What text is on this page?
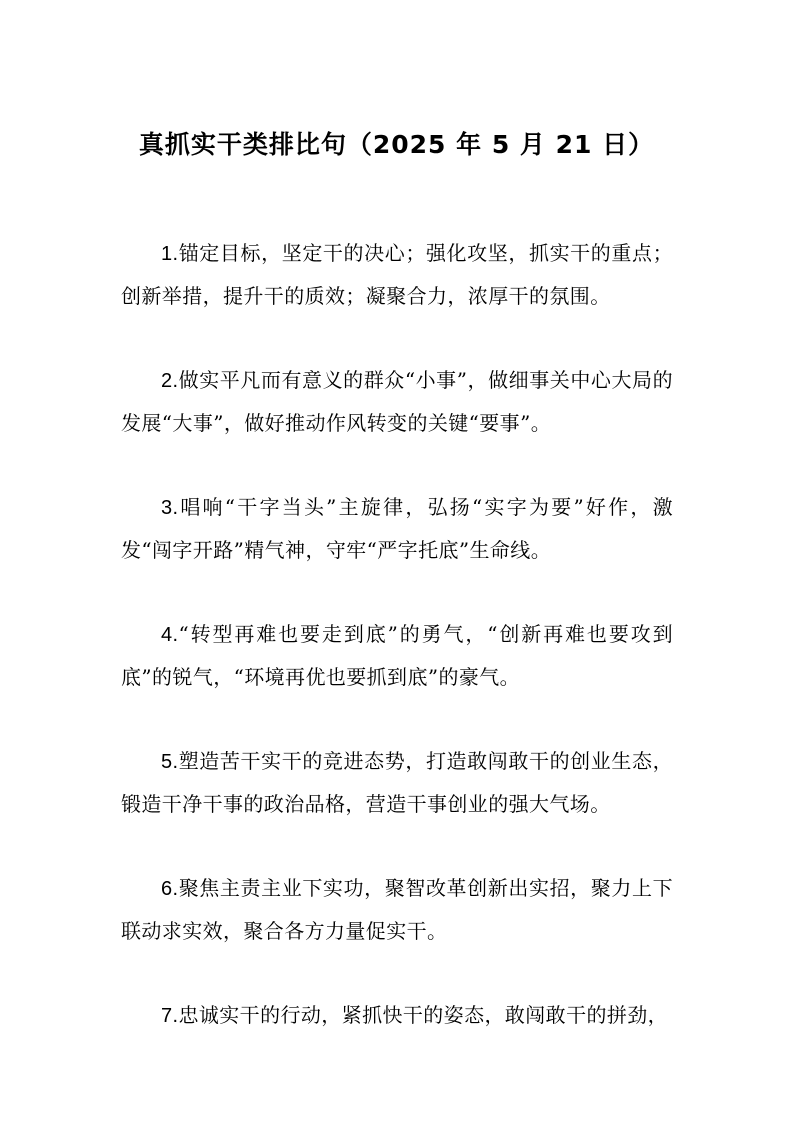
真抓实干类排比句（2025 年 5 月 21 日）

1.锚定目标，坚定干的决心；强化攻坚，抓实干的重点；创新举措，提升干的质效；凝聚合力，浓厚干的氛围。

2.做实平凡而有意义的群众“小事”，做细事关中心大局的发展“大事”，做好推动作风转变的关键“要事”。

3.唱响“干字当头”主旋律，弘扬“实字为要”好作，激发“闯字开路”精气神，守牢“严字托底”生命线。

4.“转型再难也要走到底”的勇气，“创新再难也要攻到底”的锐气，“环境再优也要抓到底”的豪气。

5.塑造苦干实干的竞进态势，打造敢闯敢干的创业生态，锻造干净干事的政治品格，营造干事创业的强大气场。

6.聚焦主责主业下实功，聚智改革创新出实招，聚力上下联动求实效，聚合各方力量促实干。

7.忠诚实干的行动，紧抓快干的姿态，敢闯敢干的拼劲，
